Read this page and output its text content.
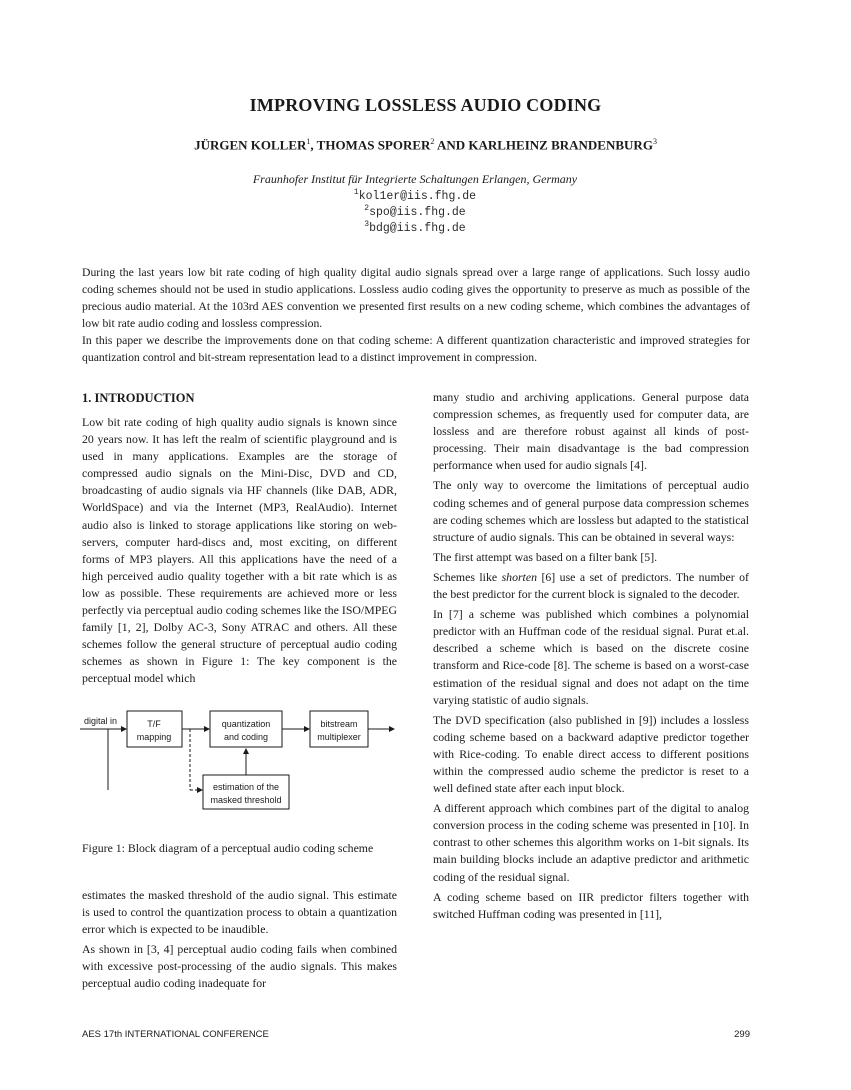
IMPROVING LOSSLESS AUDIO CODING
JÜRGEN KOLLER$^1$, THOMAS SPORER$^2$ AND KARLHEINZ BRANDENBURG$^3$
Fraunhofer Institut für Integrierte Schaltungen Erlangen, Germany
$^1$kol1er@iis.fhg.de
$^2$spo@iis.fhg.de
$^3$bdg@iis.fhg.de

During the last years low bit rate coding of high quality digital audio signals spread over a large range of applications. Such lossy audio coding schemes should not be used in studio applications. Lossless audio coding gives the opportunity to preserve as much as possible of the precious audio material. At the 103rd AES convention we presented first results on a new coding scheme, which combines the advantages of low bit rate audio coding and lossless compression.

In this paper we describe the improvements done on that coding scheme: A different quantization characteristic and improved strategies for quantization control and bit-stream representation lead to a distinct improvement in compression.

1. INTRODUCTION

Low bit rate coding of high quality audio signals is known since 20 years now. It has left the realm of scientific playground and is used in many applications. Examples are the storage of compressed audio signals on the Mini-Disc, DVD and CD, broadcasting of audio signals via HF channels (like DAB, ADR, WorldSpace) and via the Internet (MP3, RealAudio). Internet audio also is linked to storage applications like storing on web-servers, computer hard-discs and, most exciting, on different forms of MP3 players. All this applications have the need of a high perceived audio quality together with a bit rate which is as low as possible. These requirements are achieved more or less perfectly via perceptual audio coding schemes like the ISO/MPEG family [1, 2], Dolby AC-3, Sony ATRAC and others. All these schemes follow the general structure of perceptual audio coding schemes as shown in Figure 1: The key component is the perceptual model which

digital in	T/F
mapping
quantization
and coding
bitstream
multiplexer
estimation of the
masked threshold
Figure 1: Block diagram of a perceptual audio coding scheme

estimates the masked threshold of the audio signal. This estimate is used to control the quantization process to obtain a quantization error which is expected to be inaudible.

As shown in [3, 4] perceptual audio coding fails when combined with excessive post-processing of the audio signals. This makes perceptual audio coding inadequate for

many studio and archiving applications. General purpose data compression schemes, as frequently used for computer data, are lossless and are therefore robust against all kinds of post-processing. Their main disadvantage is the bad compression performance when used for audio signals [4].

The only way to overcome the limitations of perceptual audio coding schemes and of general purpose data compression schemes are coding schemes which are lossless but adapted to the statistical structure of audio signals. This can be obtained in several ways:

The first attempt was based on a filter bank [5].

Schemes like shorten [6] use a set of predictors. The number of the best predictor for the current block is signaled to the decoder.

In [7] a scheme was published which combines a polynomial predictor with an Huffman code of the residual signal. Purat et.al. described a scheme which is based on the discrete cosine transform and Rice-code [8]. The scheme is based on a worst-case estimation of the residual signal and does not adapt on the time varying statistic of audio signals.

The DVD specification (also published in [9]) includes a lossless coding scheme based on a backward adaptive predictor together with Rice-coding. To enable direct access to different positions within the compressed audio scheme the predictor is reset to a well defined state after each input block.

A different approach which combines part of the digital to analog conversion process in the coding scheme was presented in [10]. In contrast to other schemes this algorithm works on 1-bit signals. Its main building blocks include an adaptive predictor and arithmetic coding of the residual signal.

A coding scheme based on IIR predictor filters together with switched Huffman coding was presented in [11],

AES 17th INTERNATIONAL CONFERENCE	299
